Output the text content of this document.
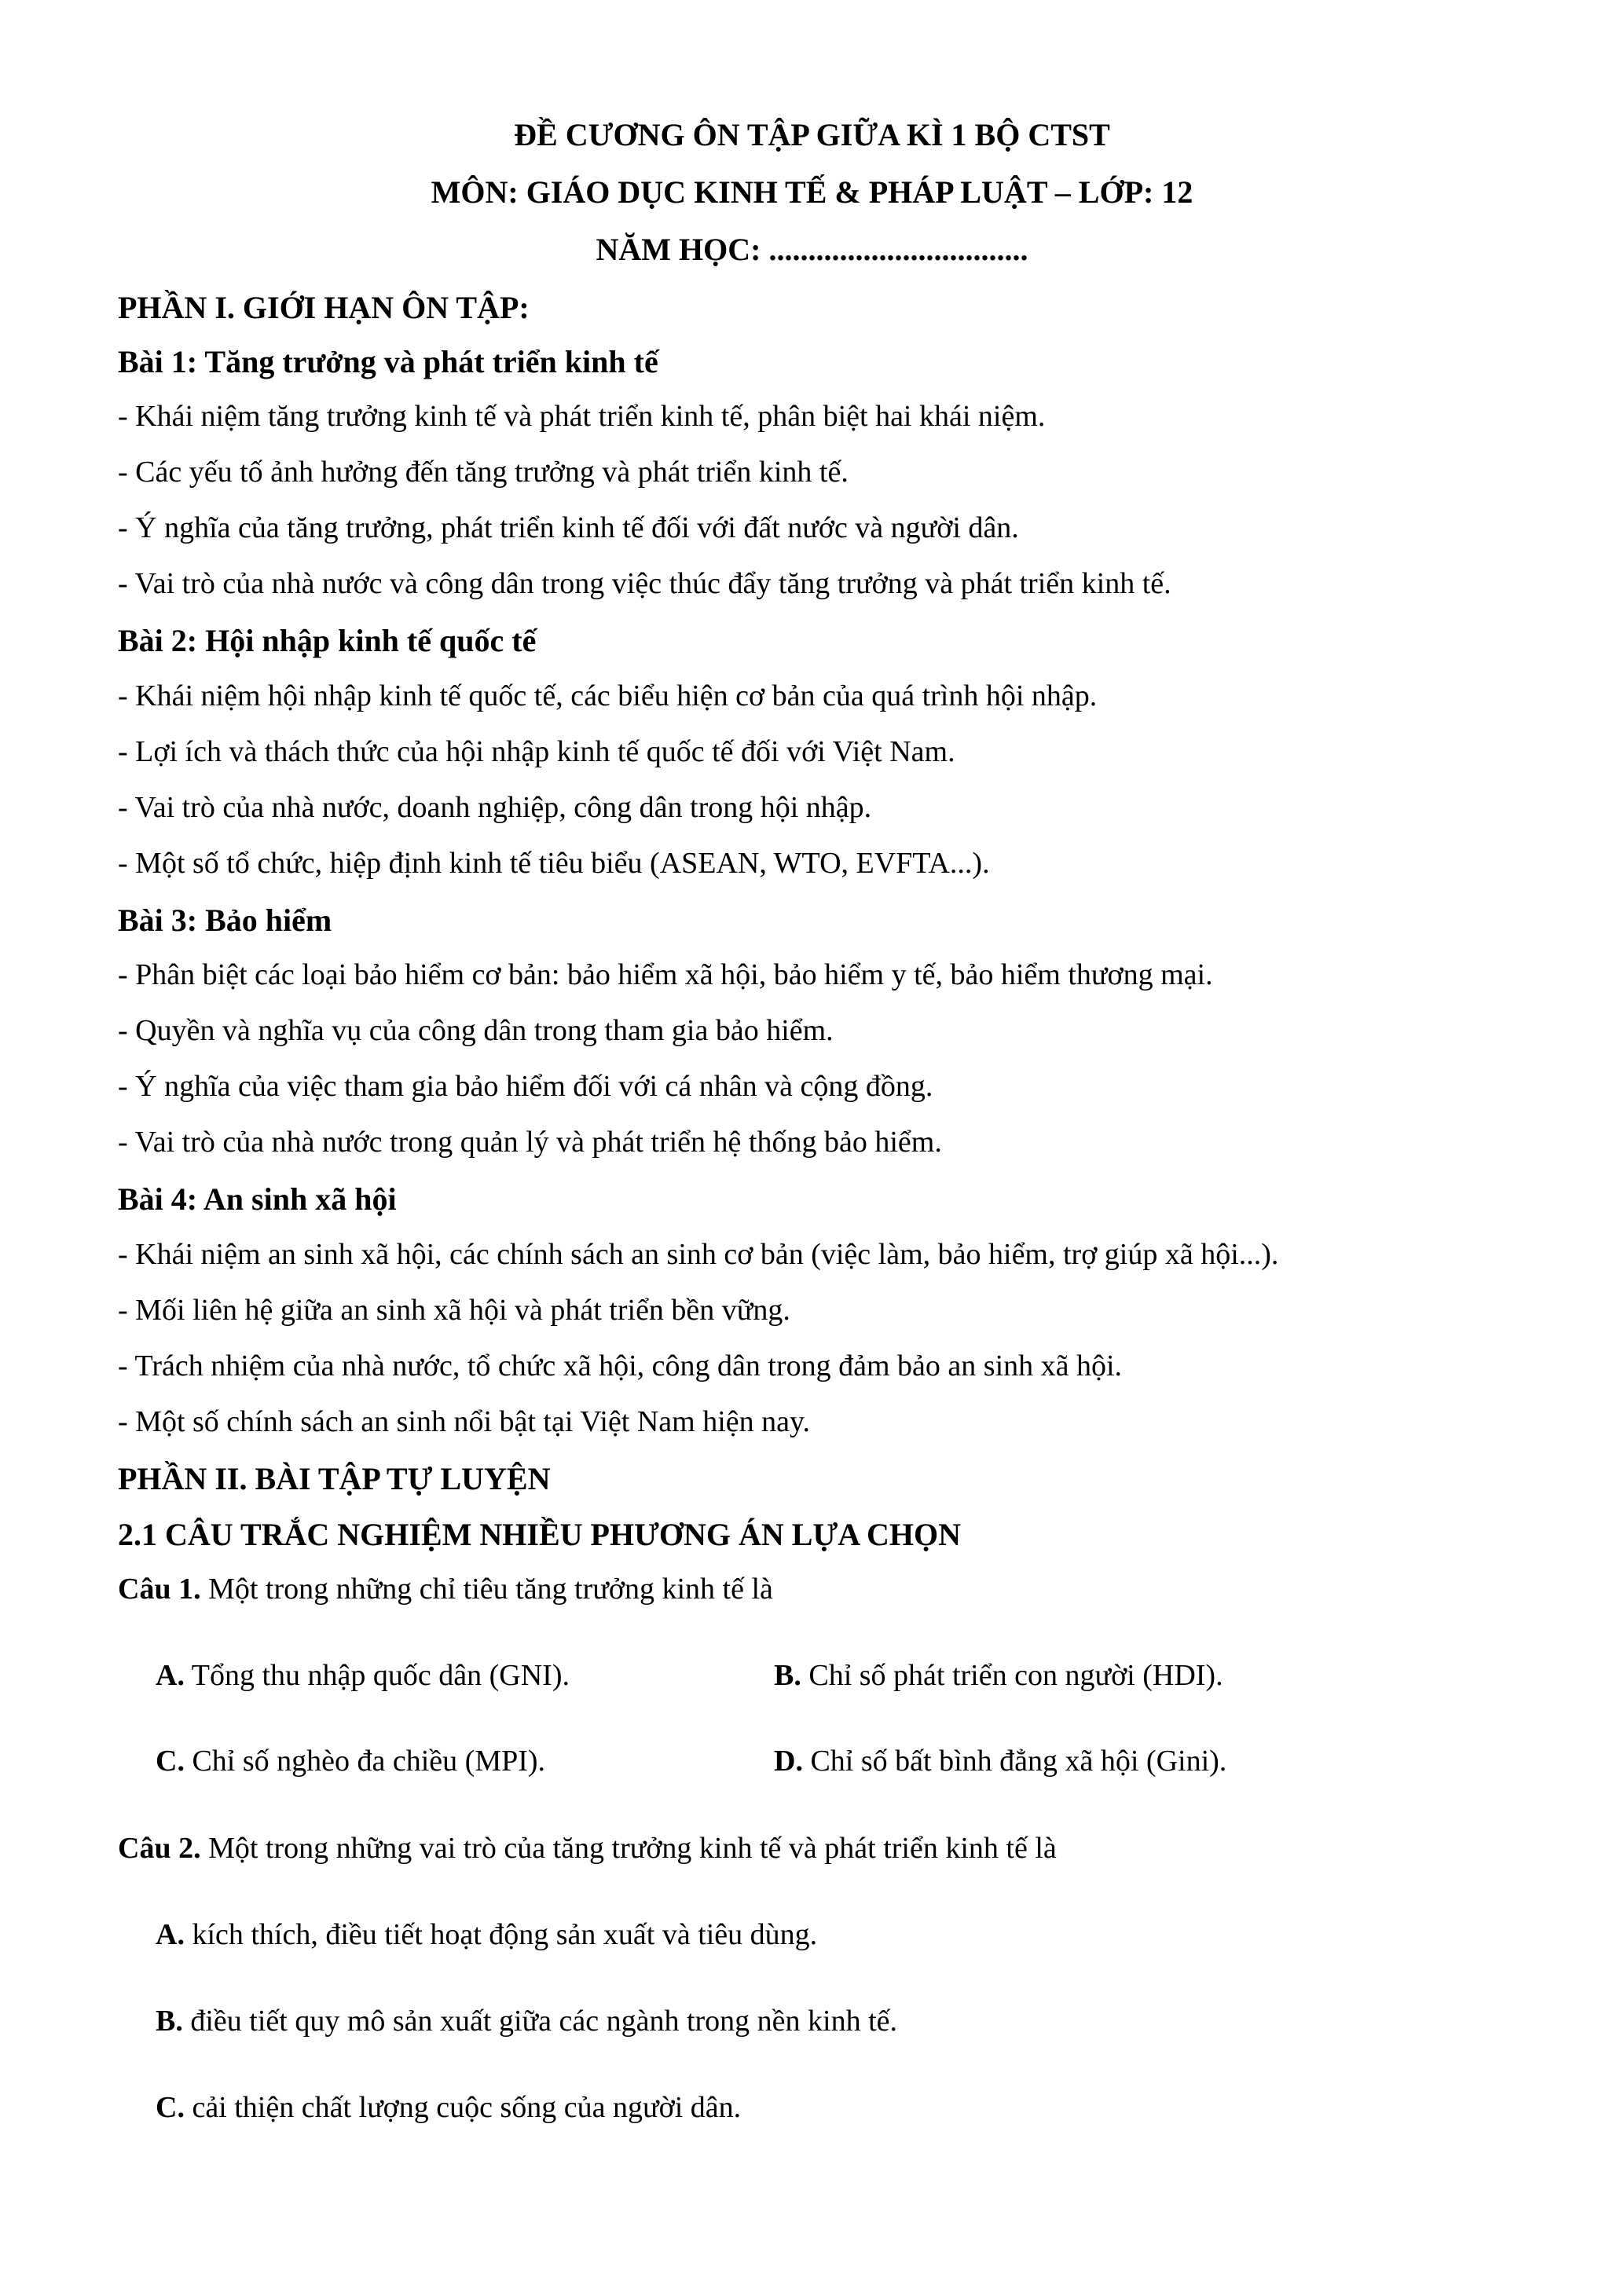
ĐỀ CƯƠNG ÔN TẬP GIỮA KÌ 1 BỘ CTST
MÔN: GIÁO DỤC KINH TẾ & PHÁP LUẬT – LỚP: 12
NĂM HỌC: .................................
PHẦN I. GIỚI HẠN ÔN TẬP:
Bài 1: Tăng trưởng và phát triển kinh tế
- Khái niệm tăng trưởng kinh tế và phát triển kinh tế, phân biệt hai khái niệm.
- Các yếu tố ảnh hưởng đến tăng trưởng và phát triển kinh tế.
- Ý nghĩa của tăng trưởng, phát triển kinh tế đối với đất nước và người dân.
- Vai trò của nhà nước và công dân trong việc thúc đẩy tăng trưởng và phát triển kinh tế.
Bài 2: Hội nhập kinh tế quốc tế
- Khái niệm hội nhập kinh tế quốc tế, các biểu hiện cơ bản của quá trình hội nhập.
- Lợi ích và thách thức của hội nhập kinh tế quốc tế đối với Việt Nam.
- Vai trò của nhà nước, doanh nghiệp, công dân trong hội nhập.
- Một số tổ chức, hiệp định kinh tế tiêu biểu (ASEAN, WTO, EVFTA...).
Bài 3: Bảo hiểm
- Phân biệt các loại bảo hiểm cơ bản: bảo hiểm xã hội, bảo hiểm y tế, bảo hiểm thương mại.
- Quyền và nghĩa vụ của công dân trong tham gia bảo hiểm.
- Ý nghĩa của việc tham gia bảo hiểm đối với cá nhân và cộng đồng.
- Vai trò của nhà nước trong quản lý và phát triển hệ thống bảo hiểm.
Bài 4: An sinh xã hội
- Khái niệm an sinh xã hội, các chính sách an sinh cơ bản (việc làm, bảo hiểm, trợ giúp xã hội...).
- Mối liên hệ giữa an sinh xã hội và phát triển bền vững.
- Trách nhiệm của nhà nước, tổ chức xã hội, công dân trong đảm bảo an sinh xã hội.
- Một số chính sách an sinh nổi bật tại Việt Nam hiện nay.
PHẦN II. BÀI TẬP TỰ LUYỆN
2.1 CÂU TRẮC NGHIỆM NHIỀU PHƯƠNG ÁN LỰA CHỌN
Câu 1. Một trong những chỉ tiêu tăng trưởng kinh tế là
A. Tổng thu nhập quốc dân (GNI).	B. Chỉ số phát triển con người (HDI).
C. Chỉ số nghèo đa chiều (MPI).	D. Chỉ số bất bình đẳng xã hội (Gini).
Câu 2. Một trong những vai trò của tăng trưởng kinh tế và phát triển kinh tế là
A. kích thích, điều tiết hoạt động sản xuất và tiêu dùng.
B. điều tiết quy mô sản xuất giữa các ngành trong nền kinh tế.
C. cải thiện chất lượng cuộc sống của người dân.
